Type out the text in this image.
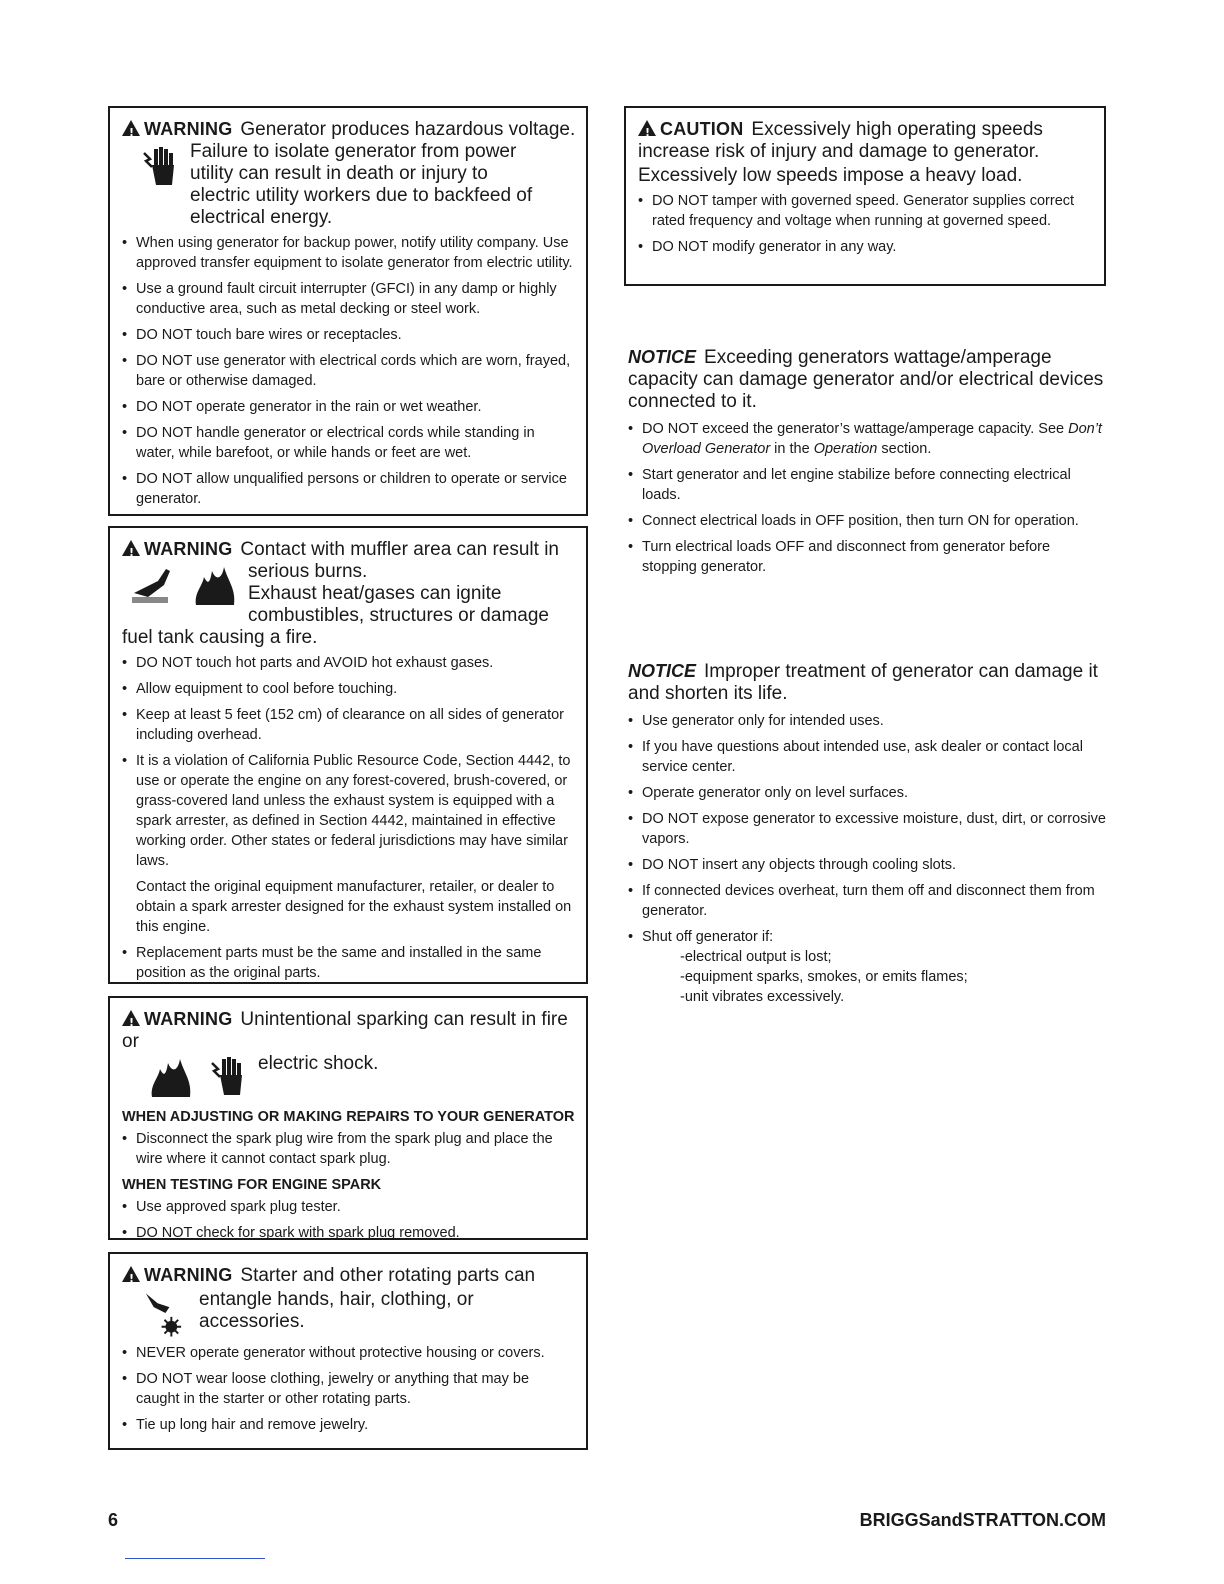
!WARNING Generator produces hazardous voltage.
Failure to isolate generator from power utility can result in death or injury to electric utility workers due to backfeed of electrical energy.
• When using generator for backup power, notify utility company. Use approved transfer equipment to isolate generator from electric utility.
• Use a ground fault circuit interrupter (GFCI) in any damp or highly conductive area, such as metal decking or steel work.
• DO NOT touch bare wires or receptacles.
• DO NOT use generator with electrical cords which are worn, frayed, bare or otherwise damaged.
• DO NOT operate generator in the rain or wet weather.
• DO NOT handle generator or electrical cords while standing in water, while barefoot, or while hands or feet are wet.
• DO NOT allow unqualified persons or children to operate or service generator.
!WARNING Contact with muffler area can result in
serious burns.
Exhaust heat/gases can ignite
combustibles, structures or damage
fuel tank causing a fire.
• DO NOT touch hot parts and AVOID hot exhaust gases.
• Allow equipment to cool before touching.
• Keep at least 5 feet (152 cm) of clearance on all sides of generator including overhead.
• It is a violation of California Public Resource Code, Section 4442, to use or operate the engine on any forest-covered, brush-covered, or grass-covered land unless the exhaust system is equipped with a spark arrester, as defined in Section 4442, maintained in effective working order. Other states or federal jurisdictions may have similar laws.
Contact the original equipment manufacturer, retailer, or dealer to obtain a spark arrester designed for the exhaust system installed on this engine.
• Replacement parts must be the same and installed in the same position as the original parts.
!WARNING Unintentional sparking can result in fire or
electric shock.
WHEN ADJUSTING OR MAKING REPAIRS TO YOUR GENERATOR
• Disconnect the spark plug wire from the spark plug and place the wire where it cannot contact spark plug.
WHEN TESTING FOR ENGINE SPARK
• Use approved spark plug tester.
• DO NOT check for spark with spark plug removed.
!WARNING Starter and other rotating parts can
entangle hands, hair, clothing, or accessories.
• NEVER operate generator without protective housing or covers.
• DO NOT wear loose clothing, jewelry or anything that may be caught in the starter or other rotating parts.
• Tie up long hair and remove jewelry.
!CAUTION Excessively high operating speeds increase risk of injury and damage to generator.
Excessively low speeds impose a heavy load.
• DO NOT tamper with governed speed. Generator supplies correct rated frequency and voltage when running at governed speed.
• DO NOT modify generator in any way.
NOTICE Exceeding generators wattage/amperage capacity can damage generator and/or electrical devices connected to it.
• DO NOT exceed the generator’s wattage/amperage capacity. See Don’t Overload Generator in the Operation section.
• Start generator and let engine stabilize before connecting electrical loads.
• Connect electrical loads in OFF position, then turn ON for operation.
• Turn electrical loads OFF and disconnect from generator before stopping generator.
NOTICE Improper treatment of generator can damage it and shorten its life.
• Use generator only for intended uses.
• If you have questions about intended use, ask dealer or contact local service center.
• Operate generator only on level surfaces.
• DO NOT expose generator to excessive moisture, dust, dirt, or corrosive vapors.
• DO NOT insert any objects through cooling slots.
• If connected devices overheat, turn them off and disconnect them from generator.
• Shut off generator if:
-electrical output is lost;
-equipment sparks, smokes, or emits flames;
-unit vibrates excessively.
6	BRIGGSandSTRATTON.COM
